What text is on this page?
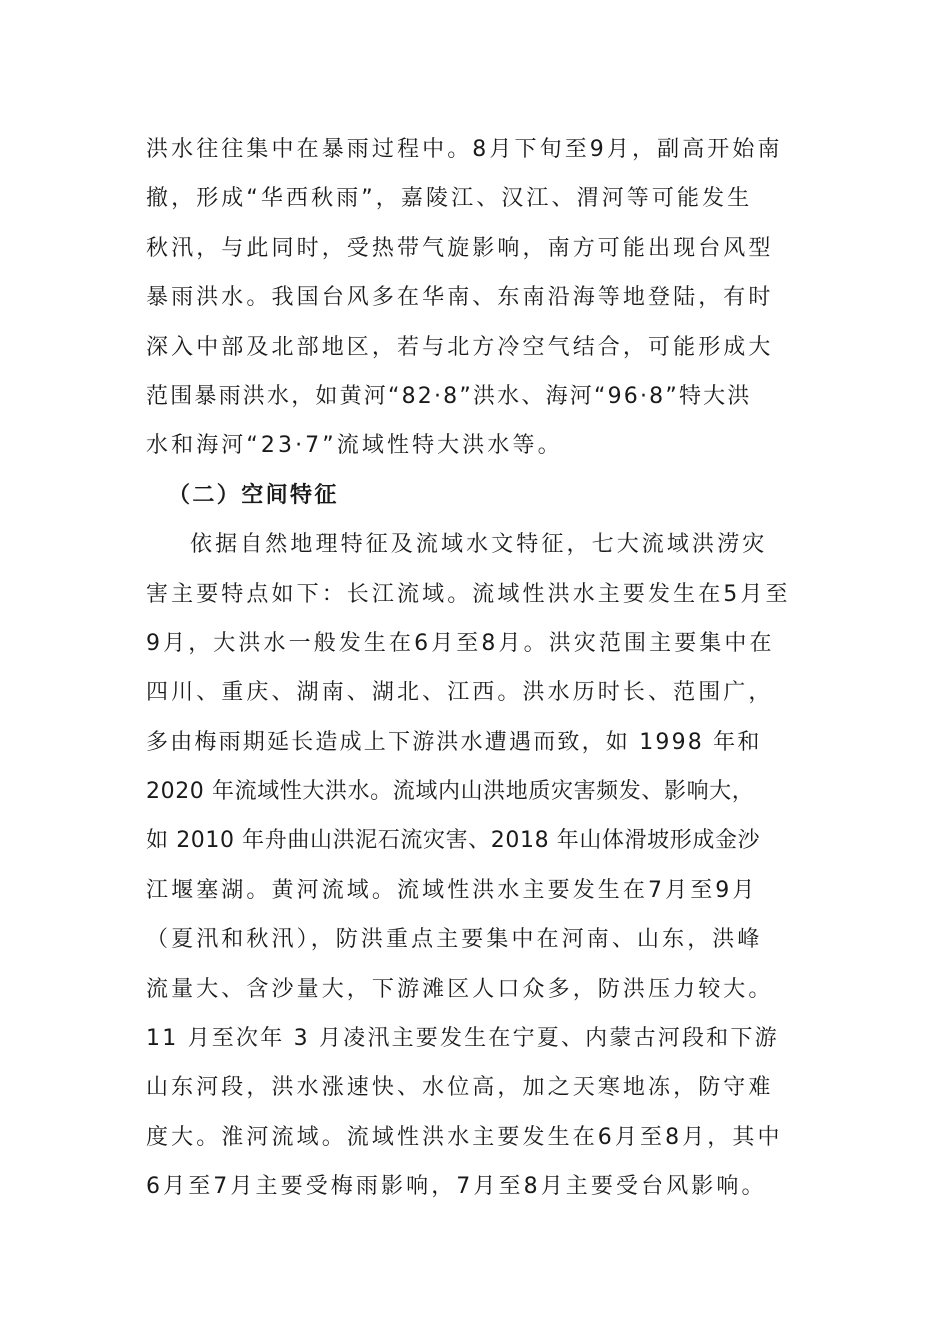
洪水往往集中在暴雨过程中。8月下旬至9月，副高开始南
撤，形成“华西秋雨”，嘉陵江、汉江、渭河等可能发生
秋汛，与此同时，受热带气旋影响，南方可能出现台风型
暴雨洪水。我国台风多在华南、东南沿海等地登陆，有时
深入中部及北部地区，若与北方冷空气结合，可能形成大
范围暴雨洪水，如黄河“82·8”洪水、海河“96·8”特大洪
水和海河“23·7”流域性特大洪水等。
（二）空间特征
依据自然地理特征及流域水文特征，七大流域洪涝灾
害主要特点如下：长江流域。流域性洪水主要发生在5月至
9月，大洪水一般发生在6月至8月。洪灾范围主要集中在
四川、重庆、湖南、湖北、江西。洪水历时长、范围广，
多由梅雨期延长造成上下游洪水遭遇而致，如 1998 年和
2020 年流域性大洪水。流域内山洪地质灾害频发、影响大，
如 2010 年舟曲山洪泥石流灾害、2018 年山体滑坡形成金沙
江堰塞湖。黄河流域。流域性洪水主要发生在7月至9月
（夏汛和秋汛），防洪重点主要集中在河南、山东，洪峰
流量大、含沙量大，下游滩区人口众多，防洪压力较大。
11 月至次年 3 月凌汛主要发生在宁夏、内蒙古河段和下游
山东河段，洪水涨速快、水位高，加之天寒地冻，防守难
度大。淮河流域。流域性洪水主要发生在6月至8月，其中
6月至7月主要受梅雨影响，7月至8月主要受台风影响。
